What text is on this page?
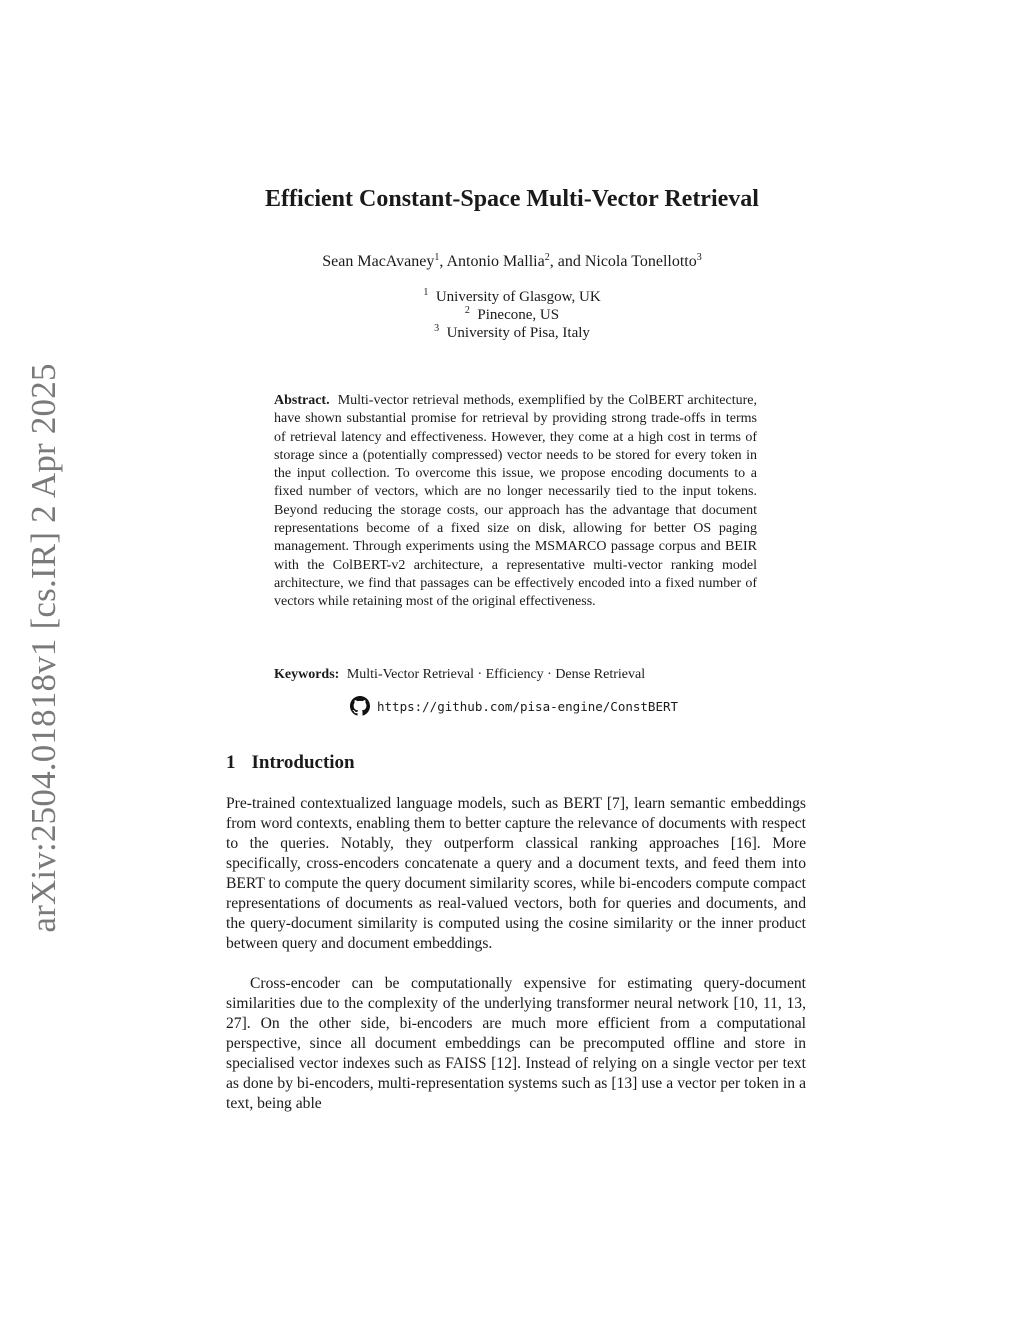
arXiv:2504.01818v1 [cs.IR] 2 Apr 2025
Efficient Constant-Space Multi-Vector Retrieval
Sean MacAvaney$^1$, Antonio Mallia$^2$, and Nicola Tonellotto$^3$
$^1$ University of Glasgow, UK
$^2$ Pinecone, US
$^3$ University of Pisa, Italy
Abstract. Multi-vector retrieval methods, exemplified by the ColBERT architecture, have shown substantial promise for retrieval by providing strong trade-offs in terms of retrieval latency and effectiveness. However, they come at a high cost in terms of storage since a (potentially compressed) vector needs to be stored for every token in the input collection. To overcome this issue, we propose encoding documents to a fixed number of vectors, which are no longer necessarily tied to the input tokens. Beyond reducing the storage costs, our approach has the advantage that document representations become of a fixed size on disk, allowing for better OS paging management. Through experiments using the MSMARCO passage corpus and BEIR with the ColBERT-v2 architecture, a representative multi-vector ranking model architecture, we find that passages can be effectively encoded into a fixed number of vectors while retaining most of the original effectiveness.
Keywords: Multi-Vector Retrieval · Efficiency · Dense Retrieval
https://github.com/pisa-engine/ConstBERT
1 Introduction
Pre-trained contextualized language models, such as BERT [7], learn semantic embeddings from word contexts, enabling them to better capture the relevance of documents with respect to the queries. Notably, they outperform classical ranking approaches [16]. More specifically, cross-encoders concatenate a query and a document texts, and feed them into BERT to compute the query document similarity scores, while bi-encoders compute compact representations of documents as real-valued vectors, both for queries and documents, and the query-document similarity is computed using the cosine similarity or the inner product between query and document embeddings.
Cross-encoder can be computationally expensive for estimating query-document similarities due to the complexity of the underlying transformer neural network [10, 11, 13, 27]. On the other side, bi-encoders are much more efficient from a computational perspective, since all document embeddings can be precomputed offline and store in specialised vector indexes such as FAISS [12]. Instead of relying on a single vector per text as done by bi-encoders, multi-representation systems such as [13] use a vector per token in a text, being able
